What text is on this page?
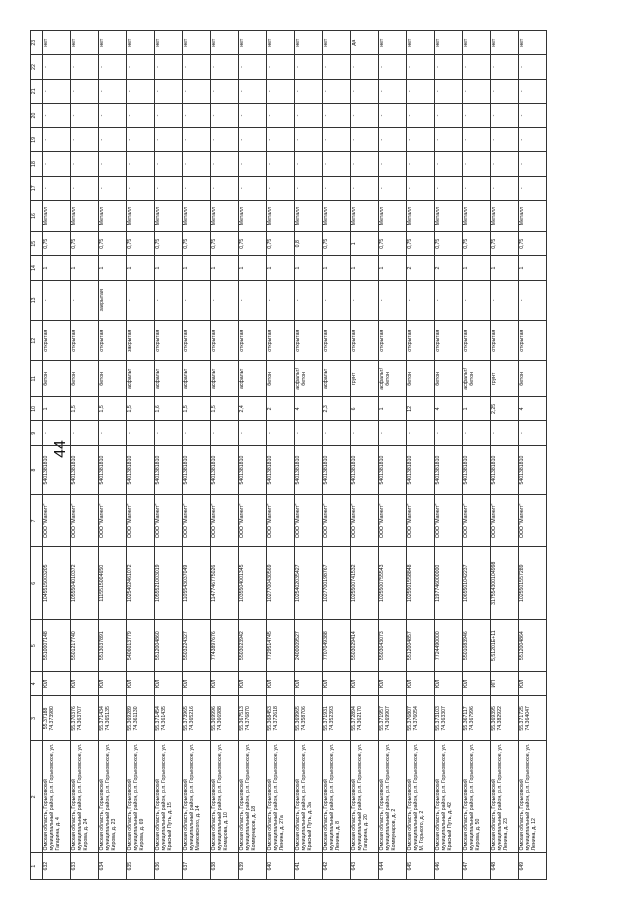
44
1	2	3	4	5	6	7	8	9	10	11	12	13	14	15	16	17	18	19	20	21	22	23
632	Омская область, Горьковский муниципальный район, р.п. Горьковское, ул. Гагарина, д. 4	55.37188 74.373980	ЮЛ	5510007148	1045515003205	ООО "Магнит"	5401381810	-	1	бетон	открытая	-	1	0,75	Металл	-	-	-	-	-	-	нет
633	Омская область, Горьковский муниципальный район, р.п. Горьковское, ул. Кирова, д. 24	55.370376 74.363707	ЮЛ	5501217740	1055504010372	ООО "Магнит"	5401381810	-	1,5	бетон	открытая	-	1	0,75	Металл	-	-	-	-	-	-	нет
634	Омская область, Горьковский муниципальный район, р.п. Горьковское, ул. Кирова, д. 23	55.371434 74.365135	ЮЛ	5513037891	1115515004650	ООО "Магнит"	5401381810	-	1,5	бетон	открытая	закрытая	1	0,75	Металл	-	-	-	-	-	-	нет
635	Омская область, Горьковский муниципальный район, р.п. Горьковское, ул. Кирова, д. 69	55.369289 74.361130	ЮЛ	5406013779	1025402461072	ООО "Магнит"	5401381810	-	1,5	асфальт	закрытая	-	1	0,75	Металл	-	-	-	-	-	-	нет
636	Омская область, Горьковский муниципальный район, р.п. Горьковское, ул. Красный Путь, д. 15	55.371454 74.361435	ЮЛ	5512004860	1055521003019	ООО "Магнит"	5401381810	-	1,6	асфальт	открытая	-	1	0,75	Металл	-	-	-	-	-	-	нет
637	Омская область, Горьковский муниципальный район, р.п. Горьковское, ул. Маяковского, д. 14	55.373965 74.365216	ЮЛ	5503224327	1105543037049	ООО "Магнит"	5401381810	-	1,5	асфальт	открытая	-	1	0,75	Металл	-	-	-	-	-	-	нет
638	Омская область, Горьковский муниципальный район, р.п. Горьковское, ул. Комарова, д. 10	55.369996 74.366988	ЮЛ	7743897676	1147746775026	ООО "Магнит"	5401381810	-	1,5	асфальт	открытая	-	1	0,75	Металл	-	-	-	-	-	-	нет
639	Омская область, Горьковский муниципальный район, р.п. Горьковское, ул. Коммунаров, д. 18	55.367513 74.376870	ЮЛ	5503023942	1035504001345	ООО "Магнит"	5401381810	-	2,4	асфальт	открытая	-	1	0,75	Металл	-	-	-	-	-	-	нет
640	Омская область, Горьковский муниципальный район, р.п. Горьковское, ул. Ленина, д. 27а	55.368453 74.372618	ЮЛ	7729514745	1027700430569	ООО "Магнит"	5401381810	-	2	бетон	открытая	-	1	0,75	Металл	-	-	-	-	-	-	нет
641	Омская область, Горьковский муниципальный район, р.п. Горьковское, ул. Красный Путь, д. 3а	55.369965 74.358706	ЮЛ	2400009527	1025402035427	ООО "Магнит"	5401381810	-	4	асфальт/бетон	открытая	-	1	0,8	Металл	-	-	-	-	-	-	нет
642	Омская область, Горьковский муниципальный район, р.п. Горьковское, ул. Ленина, д. 8	55.371931 74.352393	ЮЛ	7707049388	1027700198767	ООО "Магнит"	5401381810	-	2,3	асфальт	открытая	-	1	0,75	Металл	-	-	-	-	-	-	нет
643	Омская область, Горьковский муниципальный район, р.п. Горьковское, ул. Гагарина, д. 20	55.372894 74.362170	ЮЛ	5503029414	1025500741532	ООО "Магнит"	5401381810	-	6	грунт	открытая	-	1	1	Металл	-	-	-	-	-	-	да
644	Омская область, Горьковский муниципальный район, р.п. Горьковское, ул. Коммунаров, д. 2	55.371957 74.369907	ЮЛ	5503043073	1025500755543	ООО "Магнит"	5401381810	-	1	асфальт/бетон	открытая	-	1	0,75	Металл	-	-	-	-	-	-	нет
645	Омская область, Горьковский муниципальный район, р.п. Горьковское, ул. М. Горького, д. 2	55.376807 74.376054	ЮЛ	5512004857	1025501558848	ООО "Магнит"	5401381810	-	12	бетон	открытая	-	2	0,75	Металл	-	-	-	-	-	-	нет
646	Омская область, Горьковский муниципальный район, р.п. Горьковское, ул. Красный Путь, д. 42	55.373103 74.363307	ЮЛ	7724490000	1197746000000	ООО "Магнит"	5401381810	-	4	бетон	открытая	-	2	0,75	Металл	-	-	-	-	-	-	нет
647	Омская область, Горьковский муниципальный район, р.п. Горьковское, ул. Кирова, д. 50	55.367117 74.367996	ЮЛ	5501083946	1065501042237	ООО "Магнит"	5401381810	-	1	асфальт/бетон	открытая	-	1	0,75	Металл	-	-	-	-	-	-	нет
648	Омская область, Горьковский муниципальный район, р.п. Горьковское, ул. Ленина, д. 23	55.369395 74.382922	ИП	5,51201E+11	317554300104998	ООО "Магнит"	5401381810	-	2,25	грунт	открытая	-	1	0,75	Металл	-	-	-	-	-	-	нет
649	Омская область, Горьковский муниципальный район, р.п. Горьковское, ул. Ленина, д. 12	55.371725 74.364047	ЮЛ	5512004864	1025501557289	ООО "Магнит"	5401381810	-	4	бетон	открытая	-	1	0,75	Металл	-	-	-	-	-	-	нет
